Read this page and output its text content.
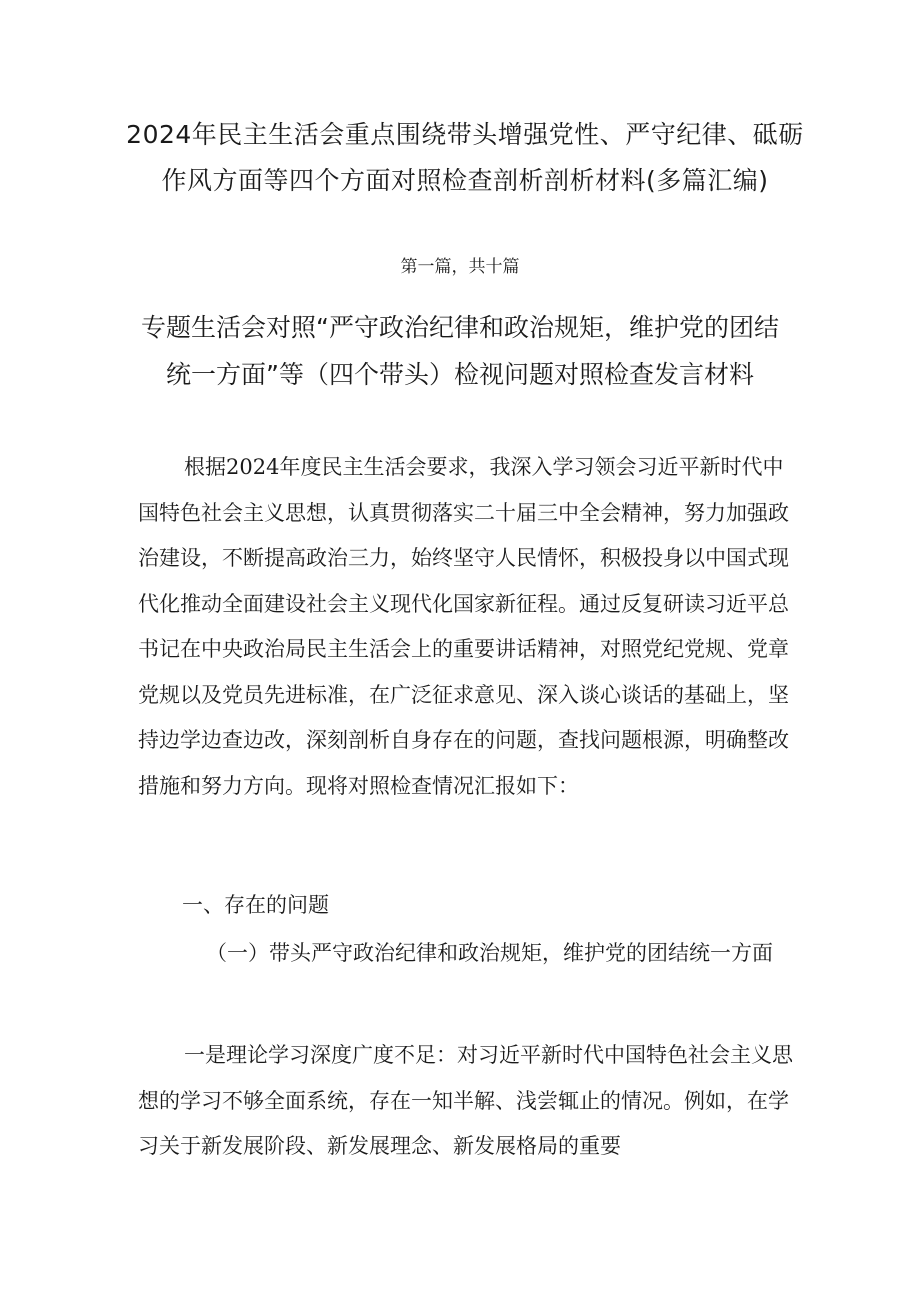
2024年民主生活会重点围绕带头增强党性、严守纪律、砥砺作风方面等四个方面对照检查剖析剖析材料(多篇汇编)

第一篇，共十篇

专题生活会对照“严守政治纪律和政治规矩，维护党的团结统一方面”等（四个带头）检视问题对照检查发言材料

根据2024年度民主生活会要求，我深入学习领会习近平新时代中国特色社会主义思想，认真贯彻落实二十届三中全会精神，努力加强政治建设，不断提高政治三力，始终坚守人民情怀，积极投身以中国式现代化推动全面建设社会主义现代化国家新征程。通过反复研读习近平总书记在中央政治局民主生活会上的重要讲话精神，对照党纪党规、党章党规以及党员先进标准，在广泛征求意见、深入谈心谈话的基础上，坚持边学边查边改，深刻剖析自身存在的问题，查找问题根源，明确整改措施和努力方向。现将对照检查情况汇报如下：

一、存在的问题

（一）带头严守政治纪律和政治规矩，维护党的团结统一方面

一是理论学习深度广度不足：对习近平新时代中国特色社会主义思想的学习不够全面系统，存在一知半解、浅尝辄止的情况。例如，在学习关于新发展阶段、新发展理念、新发展格局的重要
